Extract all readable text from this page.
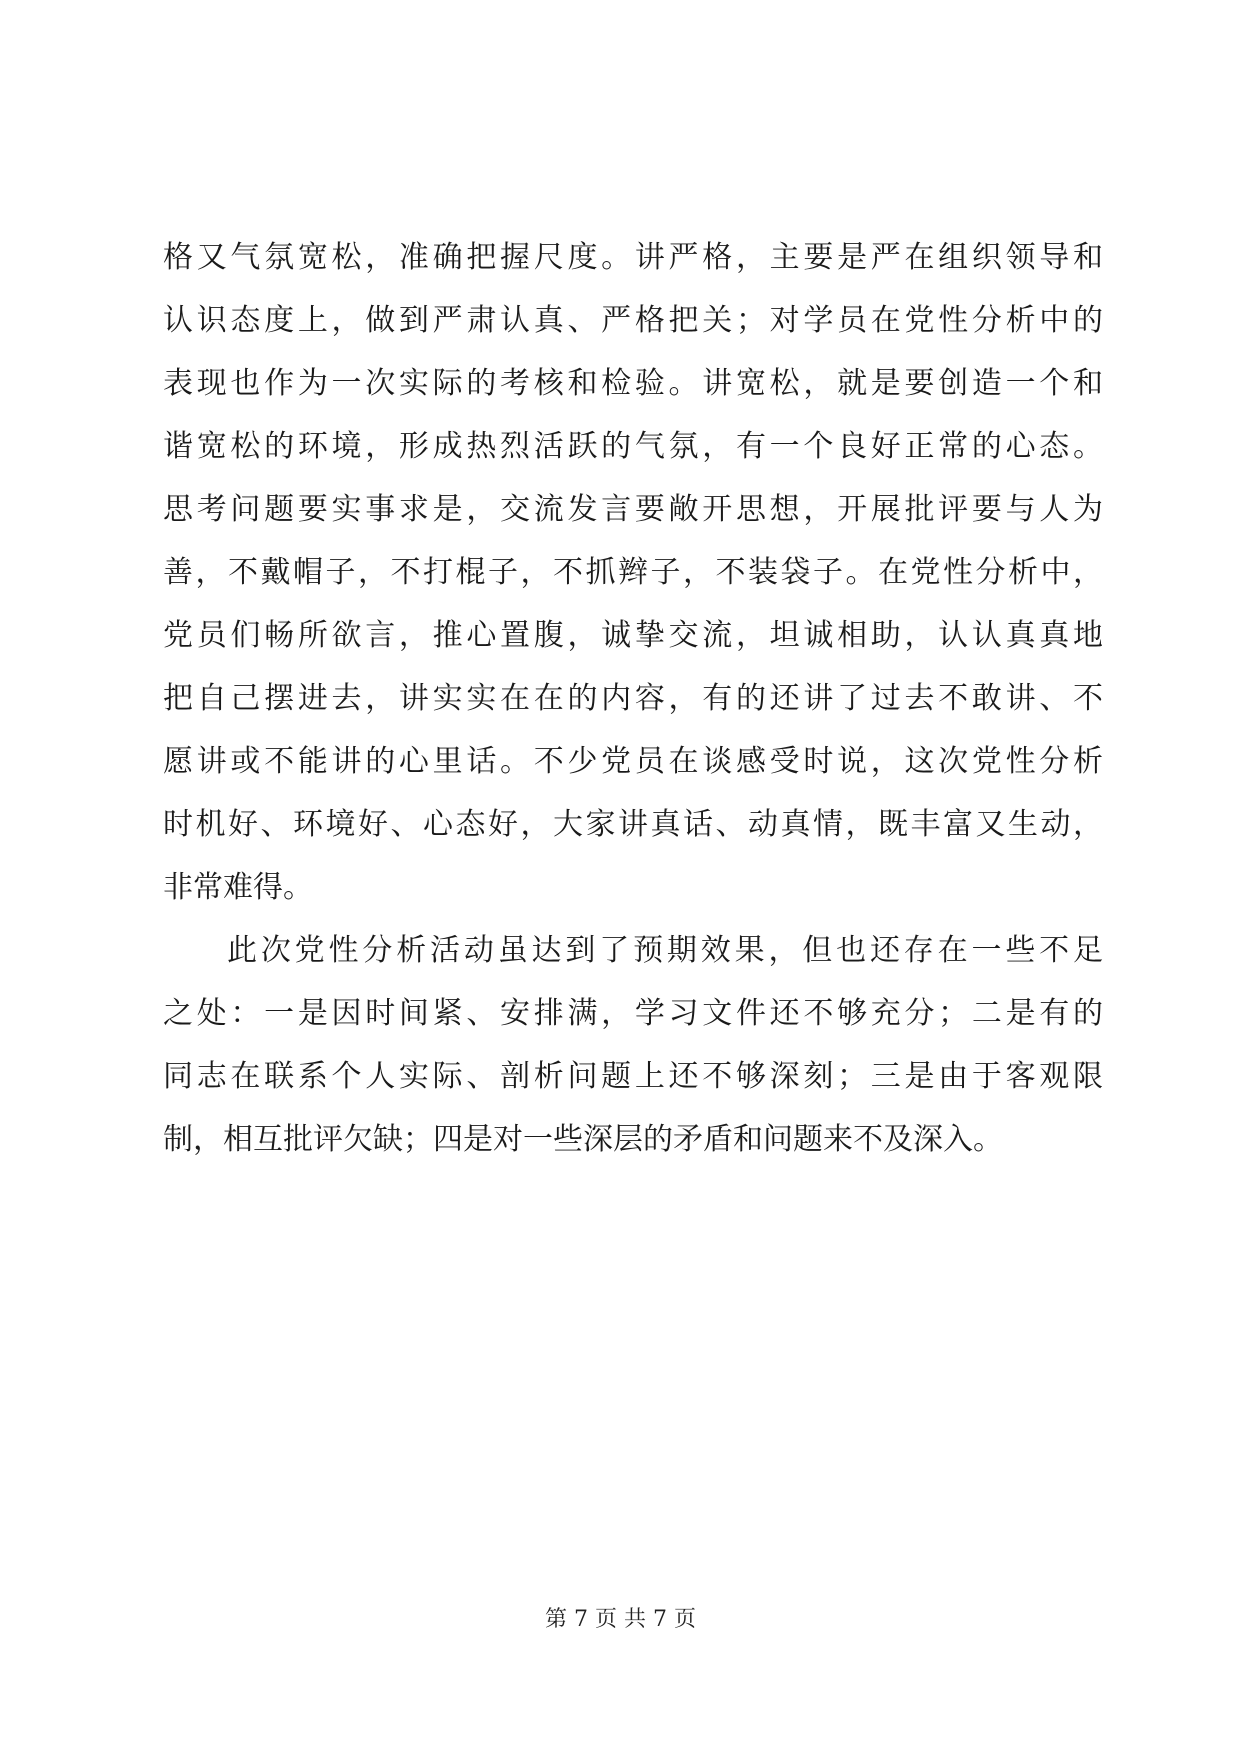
格又气氛宽松，准确把握尺度。讲严格，主要是严在组织领导和
认识态度上，做到严肃认真、严格把关；对学员在党性分析中的
表现也作为一次实际的考核和检验。讲宽松，就是要创造一个和
谐宽松的环境，形成热烈活跃的气氛，有一个良好正常的心态。
思考问题要实事求是，交流发言要敞开思想，开展批评要与人为
善，不戴帽子，不打棍子，不抓辫子，不装袋子。在党性分析中，
党员们畅所欲言，推心置腹，诚挚交流，坦诚相助，认认真真地
把自己摆进去，讲实实在在的内容，有的还讲了过去不敢讲、不
愿讲或不能讲的心里话。不少党员在谈感受时说，这次党性分析
时机好、环境好、心态好，大家讲真话、动真情，既丰富又生动，
非常难得。
此次党性分析活动虽达到了预期效果，但也还存在一些不足
之处：一是因时间紧、安排满，学习文件还不够充分；二是有的
同志在联系个人实际、剖析问题上还不够深刻；三是由于客观限
制，相互批评欠缺；四是对一些深层的矛盾和问题来不及深入。
第 7 页 共 7 页
